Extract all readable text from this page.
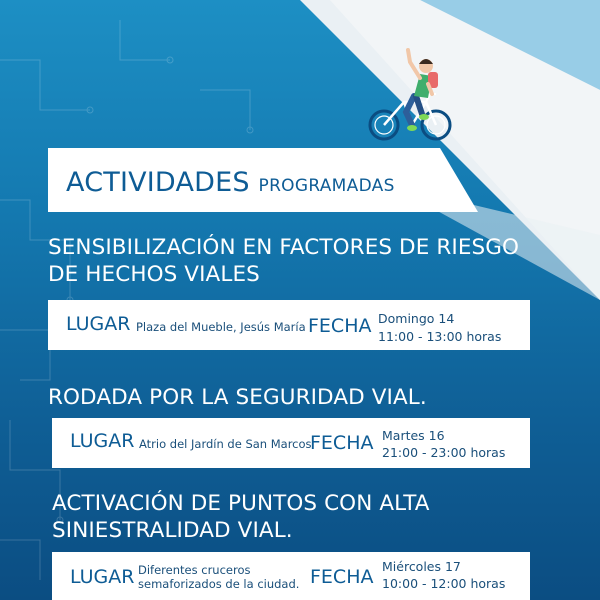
ACTIVIDADES PROGRAMADAS
SENSIBILIZACIÓN EN FACTORES DE RIESGO
DE HECHOS VIALES
LUGAR Plaza del Mueble, Jesús María FECHA Domingo 14
11:00 - 13:00 horas
RODADA POR LA SEGURIDAD VIAL.
LUGAR Atrio del Jardín de San Marcos
FECHA Martes 16
21:00 - 23:00 horas
ACTIVACIÓN DE PUNTOS CON ALTA
SINIESTRALIDAD VIAL.
LUGAR Diferentes cruceros
semaforizados de la ciudad. FECHA Miércoles 17
10:00 - 12:00 horas
